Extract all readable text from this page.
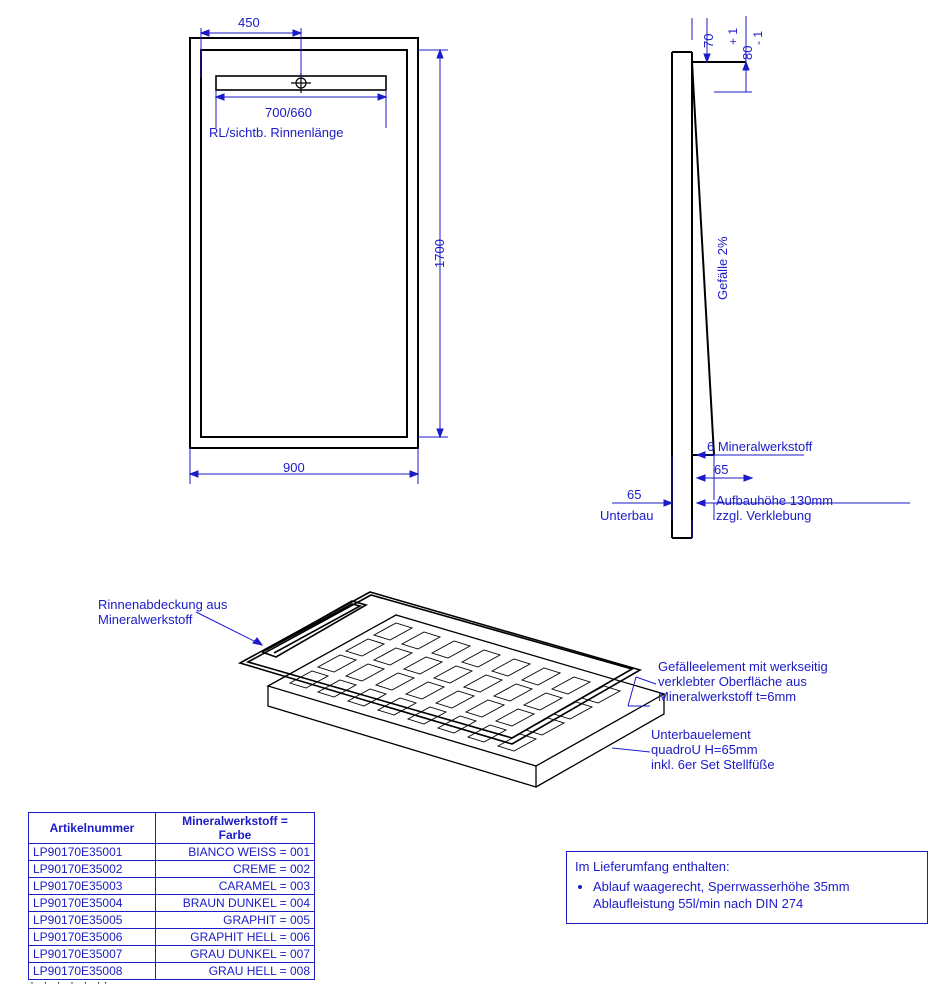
450
700/660
RL/sichtb. Rinnenlänge
1700
900
70
80
+ 1 - 1
Gefälle 2%
6 Mineralwerkstoff
65
65
Unterbau
Aufbauhöhe 130mm
zzgl. Verklebung
Rinnenabdeckung aus
Mineralwerkstoff
Gefälleelement mit werkseitig
verklebter Oberfläche aus
Mineralwerkstoff t=6mm
Unterbauelement
quadroU H=65mm
inkl. 6er Set Stellfüße
Artikelnummer	Mineralwerkstoff =
Farbe
LP90170E35001	BIANCO WEISS = 001
LP90170E35002	CREME = 002
LP90170E35003	CARAMEL = 003
LP90170E35004	BRAUN DUNKEL = 004
LP90170E35005	GRAPHIT = 005
LP90170E35006	GRAPHIT HELL = 006
LP90170E35007	GRAU DUNKEL = 007
LP90170E35008	GRAU HELL = 008
Im Lieferumfang enthalten:
• Ablauf waagerecht, Sperrwasserhöhe 35mm
Ablaufleistung 55l/min nach DIN 274
· · · · · ··
